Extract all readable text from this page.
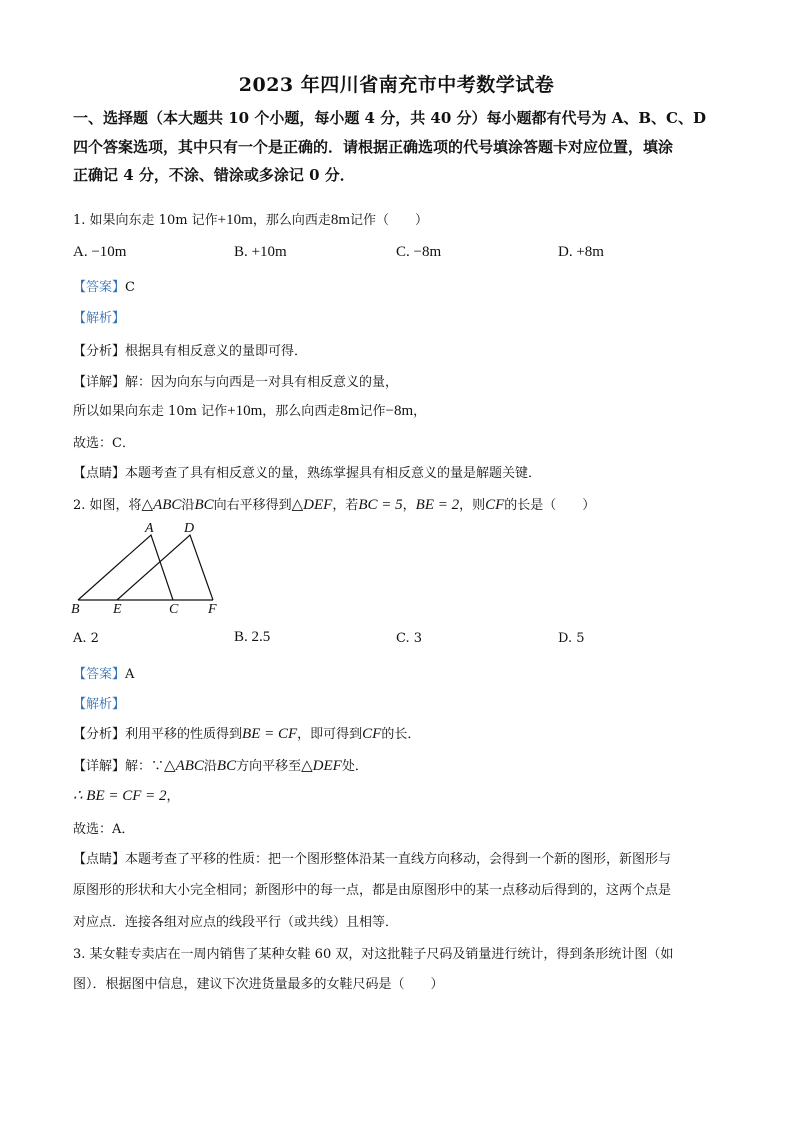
2023 年四川省南充市中考数学试卷
一、选择题（本大题共 10 个小题，每小题 4 分，共 40 分）每小题都有代号为 A、B、C、D
四个答案选项，其中只有一个是正确的．请根据正确选项的代号填涂答题卡对应位置，填涂
正确记 4 分，不涂、错涂或多涂记 0 分．
1. 如果向东走 10m 记作+10m，那么向西走8m记作（　　）
A. −10m	B. +10m	C. −8m	D. +8m
【答案】C
【解析】
【分析】根据具有相反意义的量即可得．
【详解】解：因为向东与向西是一对具有相反意义的量，
所以如果向东走 10m 记作+10m，那么向西走8m记作−8m，
故选：C．
【点睛】本题考查了具有相反意义的量，熟练掌握具有相反意义的量是解题关键．
2. 如图，将△ABC沿BC向右平移得到△DEF，若BC = 5，BE = 2，则CF的长是（　　）
A D
B E	C F
A. 2	B. 2.5	C. 3	D. 5
【答案】A
【解析】
【分析】利用平移的性质得到BE = CF，即可得到CF的长．
【详解】解：∵△ABC沿BC方向平移至△DEF处．
∴ BE = CF = 2，
故选：A．
【点睛】本题考查了平移的性质：把一个图形整体沿某一直线方向移动，会得到一个新的图形，新图形与
原图形的形状和大小完全相同；新图形中的每一点，都是由原图形中的某一点移动后得到的，这两个点是
对应点．连接各组对应点的线段平行（或共线）且相等．
3. 某女鞋专卖店在一周内销售了某种女鞋 60 双，对这批鞋子尺码及销量进行统计，得到条形统计图（如
图）．根据图中信息，建议下次进货量最多的女鞋尺码是（　　）
